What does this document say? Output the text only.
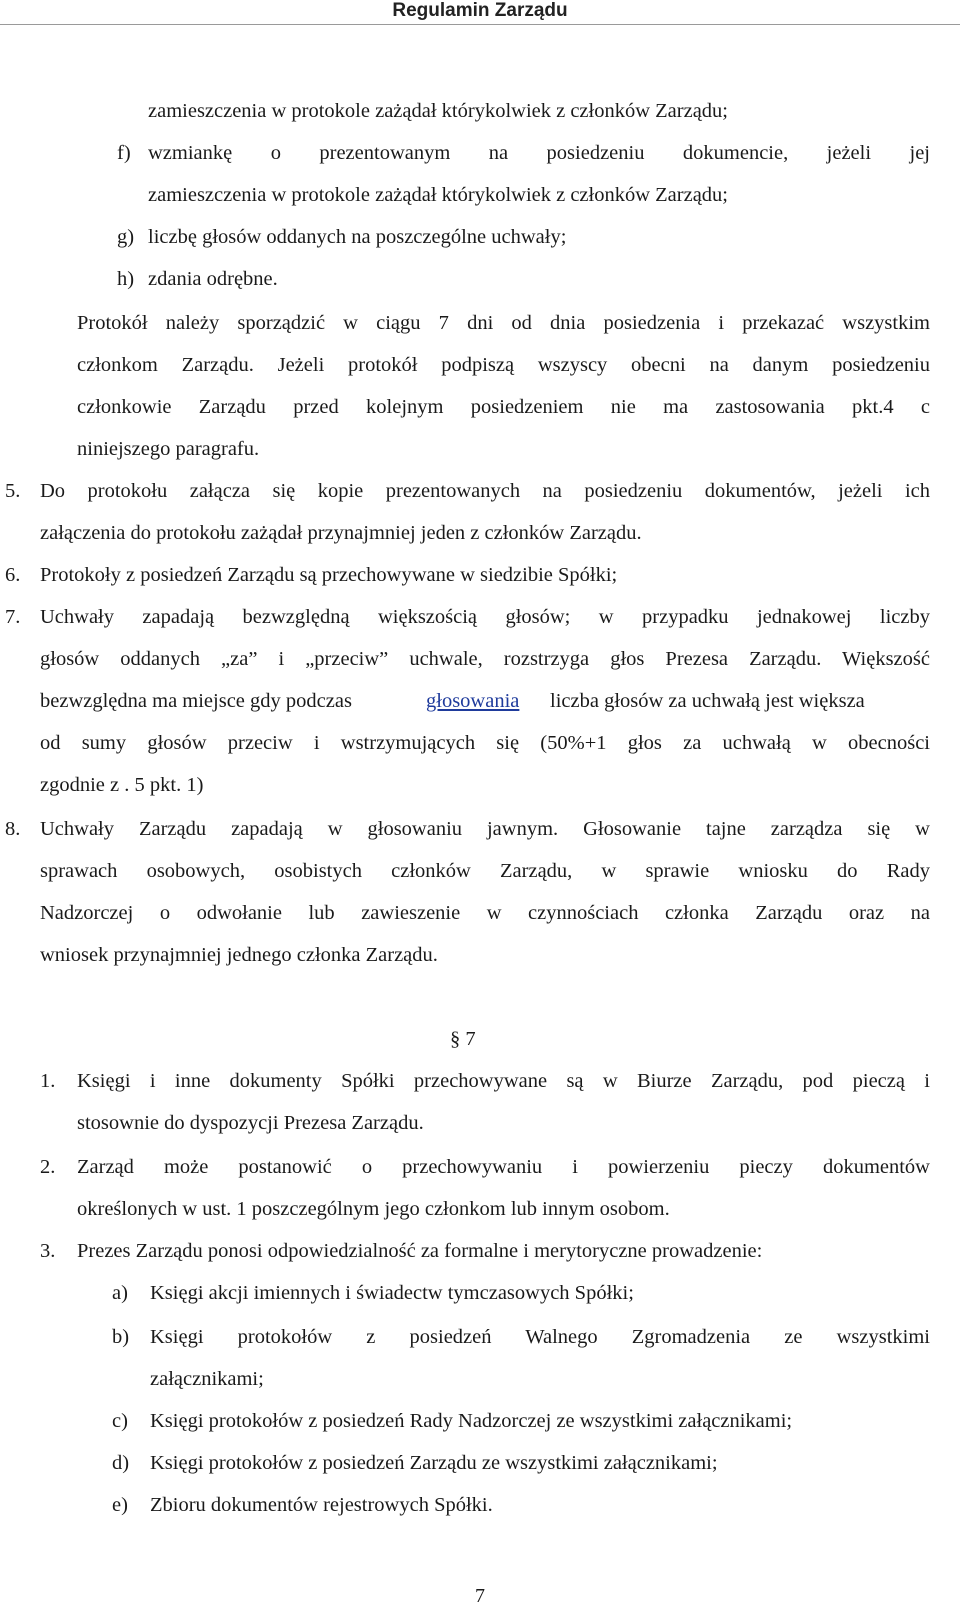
Regulamin Zarządu
zamieszczenia w protokole zażądał którykolwiek z członków Zarządu;
f) wzmiankę o prezentowanym na posiedzeniu dokumencie, jeżeli jej
zamieszczenia w protokole zażądał którykolwiek z członków Zarządu;
g) liczbę głosów oddanych na poszczególne uchwały;
h) zdania odrębne.
Protokół należy sporządzić w ciągu 7 dni od dnia posiedzenia i przekazać wszystkim
członkom Zarządu. Jeżeli protokół podpiszą wszyscy obecni na danym posiedzeniu
członkowie Zarządu przed kolejnym posiedzeniem nie ma zastosowania pkt.4 c
niniejszego paragrafu.
5. Do protokołu załącza się kopie prezentowanych na posiedzeniu dokumentów, jeżeli ich
załączenia do protokołu zażądał przynajmniej jeden z członków Zarządu.
6. Protokoły z posiedzeń Zarządu są przechowywane w siedzibie Spółki;
7. Uchwały zapadają bezwzględną większością głosów; w przypadku jednakowej liczby
głosów oddanych „za” i „przeciw” uchwale, rozstrzyga głos Prezesa Zarządu. Większość
bezwzględna ma miejsce gdy podczas	głosowania liczba głosów za uchwałą jest większa
od sumy głosów przeciw i wstrzymujących się (50%+1 głos za uchwałą w obecności
zgodnie z . 5 pkt. 1)
8. Uchwały Zarządu zapadają w głosowaniu jawnym. Głosowanie tajne zarządza się w
sprawach osobowych, osobistych członków Zarządu, w sprawie wniosku do Rady
Nadzorczej o odwołanie lub zawieszenie w czynnościach członka Zarządu oraz na
wniosek przynajmniej jednego członka Zarządu.
§ 7
1. Księgi i inne dokumenty Spółki przechowywane są w Biurze Zarządu, pod pieczą i
stosownie do dyspozycji Prezesa Zarządu.
2. Zarząd może postanowić o przechowywaniu i powierzeniu pieczy dokumentów
określonych w ust. 1 poszczególnym jego członkom lub innym osobom.
3. Prezes Zarządu ponosi odpowiedzialność za formalne i merytoryczne prowadzenie:
a) Księgi akcji imiennych i świadectw tymczasowych Spółki;
b) Księgi protokołów z posiedzeń Walnego Zgromadzenia ze wszystkimi
załącznikami;
c) Księgi protokołów z posiedzeń Rady Nadzorczej ze wszystkimi załącznikami;
d) Księgi protokołów z posiedzeń Zarządu ze wszystkimi załącznikami;
e) Zbioru dokumentów rejestrowych Spółki.
7
